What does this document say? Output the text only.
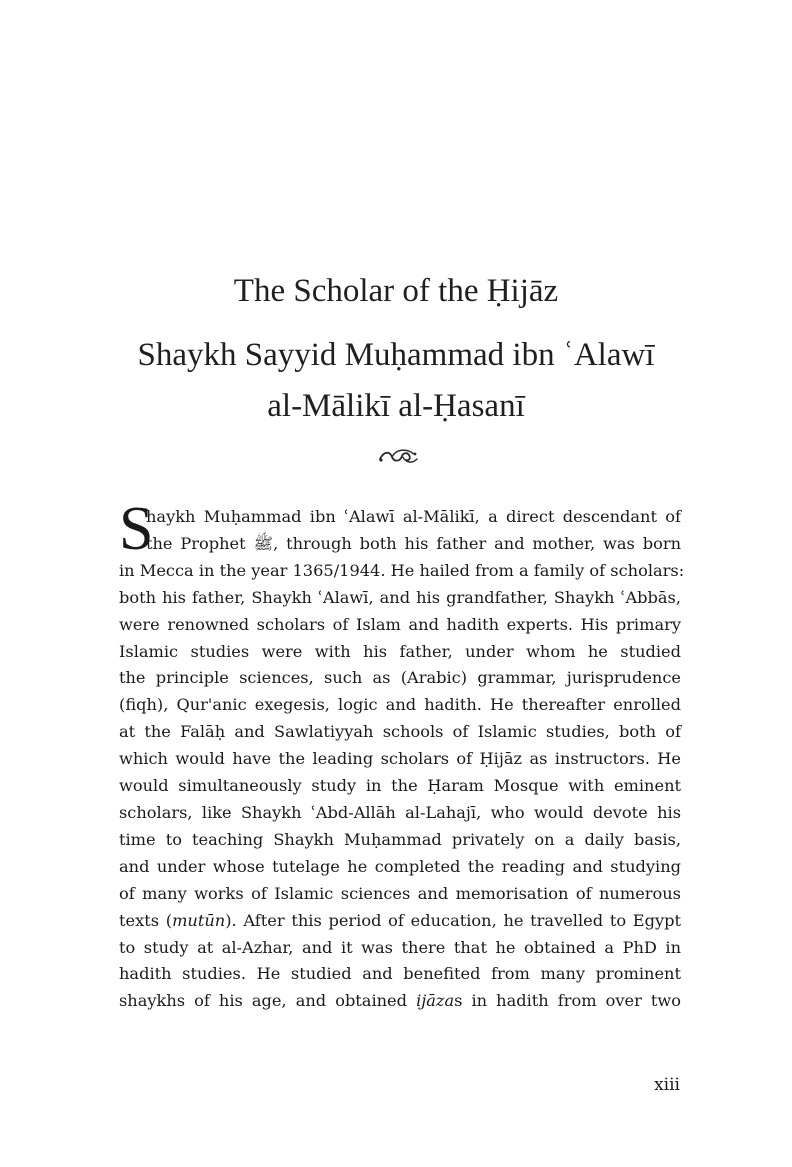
The Scholar of the Ḥijāz
Shaykh Sayyid Muḥammad ibn ʿAlawī
al-Mālikī al-Ḥasanī
S
haykh Muḥammad ibn ʿAlawī al-Mālikī, a direct descendant of
the Prophet ﷺ, through both his father and mother, was born
in Mecca in the year 1365/1944. He hailed from a family of scholars:
both his father, Shaykh ʿAlawī, and his grandfather, Shaykh ʿAbbās,
were renowned scholars of Islam and hadith experts. His primary
Islamic studies were with his father, under whom he studied
the principle sciences, such as (Arabic) grammar, jurisprudence
(fiqh), Qur'anic exegesis, logic and hadith. He thereafter enrolled
at the Falāḥ and Sawlatiyyah schools of Islamic studies, both of
which would have the leading scholars of Ḥijāz as instructors. He
would simultaneously study in the Ḥaram Mosque with eminent
scholars, like Shaykh ʿAbd-Allāh al-Lahajī, who would devote his
time to teaching Shaykh Muḥammad privately on a daily basis,
and under whose tutelage he completed the reading and studying
of many works of Islamic sciences and memorisation of numerous
texts (mutūn). After this period of education, he travelled to Egypt
to study at al-Azhar, and it was there that he obtained a PhD in
hadith studies. He studied and benefited from many prominent
shaykhs of his age, and obtained ijāzas in hadith from over two
xiii
